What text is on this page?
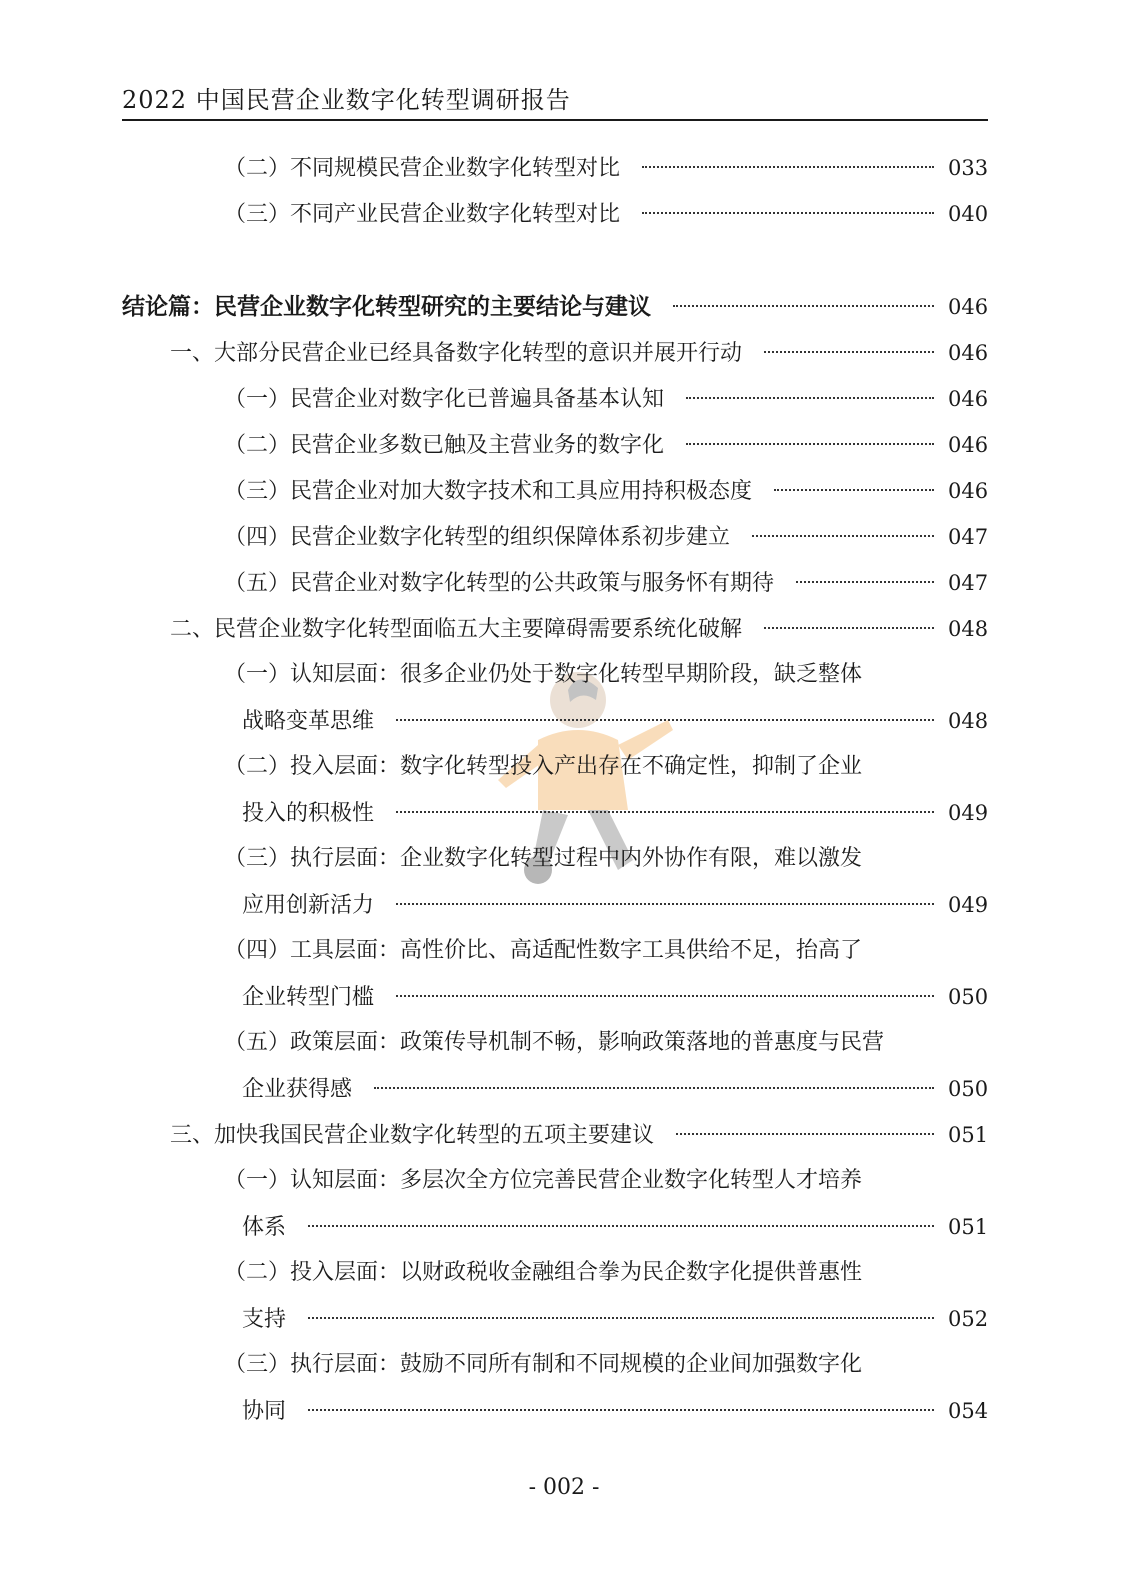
2022 中国民营企业数字化转型调研报告
（二）不同规模民营企业数字化转型对比	033
（三）不同产业民营企业数字化转型对比	040
结论篇：民营企业数字化转型研究的主要结论与建议	046
一、大部分民营企业已经具备数字化转型的意识并展开行动	046
（一）民营企业对数字化已普遍具备基本认知	046
（二）民营企业多数已触及主营业务的数字化	046
（三）民营企业对加大数字技术和工具应用持积极态度	046
（四）民营企业数字化转型的组织保障体系初步建立	047
（五）民营企业对数字化转型的公共政策与服务怀有期待	047
二、民营企业数字化转型面临五大主要障碍需要系统化破解	048
（一）认知层面：很多企业仍处于数字化转型早期阶段，缺乏整体
战略变革思维	048
（二）投入层面：数字化转型投入产出存在不确定性，抑制了企业
投入的积极性	049
（三）执行层面：企业数字化转型过程中内外协作有限，难以激发
应用创新活力	049
（四）工具层面：高性价比、高适配性数字工具供给不足，抬高了
企业转型门槛	050
（五）政策层面：政策传导机制不畅，影响政策落地的普惠度与民营
企业获得感	050
三、加快我国民营企业数字化转型的五项主要建议	051
（一）认知层面：多层次全方位完善民营企业数字化转型人才培养
体系	051
（二）投入层面：以财政税收金融组合拳为民企数字化提供普惠性
支持	052
（三）执行层面：鼓励不同所有制和不同规模的企业间加强数字化
协同	054
- 002 -
